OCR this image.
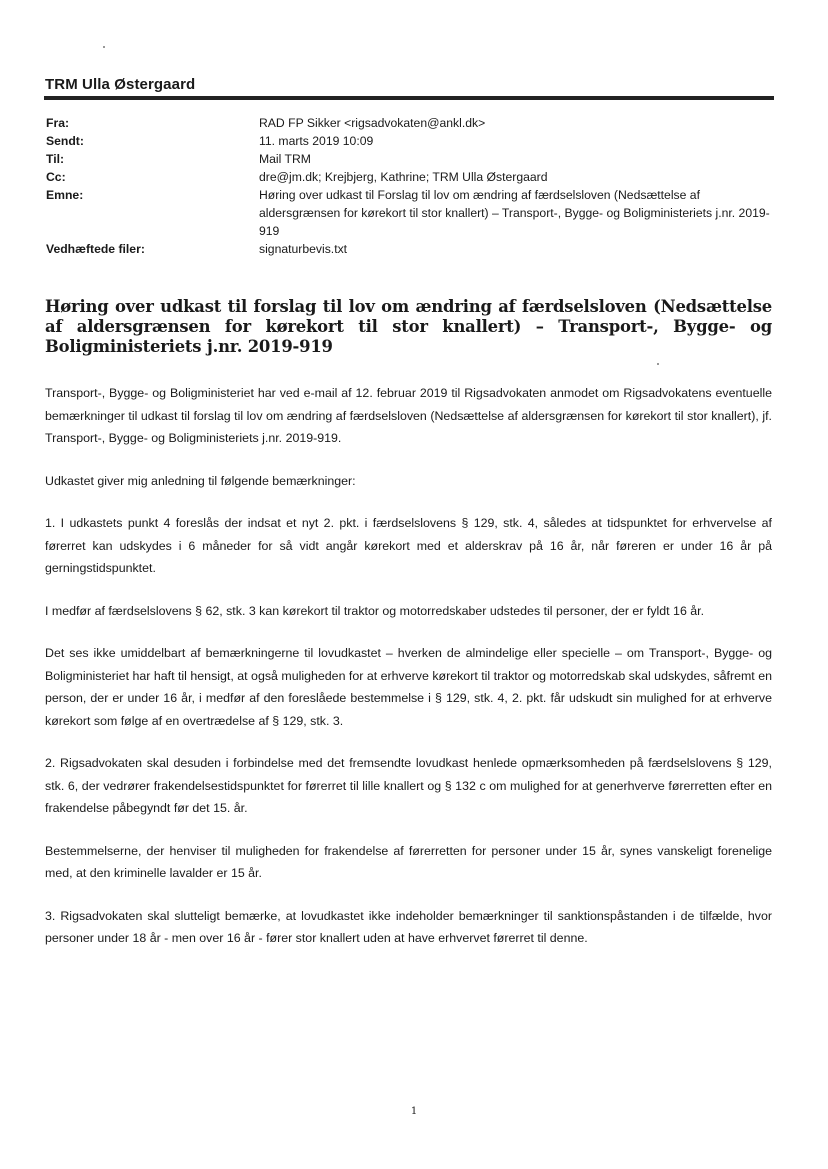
TRM Ulla Østergaard
Fra:	RAD FP Sikker <rigsadvokaten@ankl.dk>
Sendt:	11. marts 2019 10:09
Til:	Mail TRM
Cc:	dre@jm.dk; Krejbjerg, Kathrine; TRM Ulla Østergaard
Emne:	Høring over udkast til Forslag til lov om ændring af færdselsloven (Nedsættelse af aldersgrænsen for kørekort til stor knallert) – Transport-, Bygge- og Boligministeriets j.nr. 2019-919
Vedhæftede filer:	signaturbevis.txt
Høring over udkast til forslag til lov om ændring af færdselsloven (Nedsættelse af aldersgrænsen for kørekort til stor knallert) – Transport-, Bygge- og Boligministeriets j.nr. 2019-919

Transport-, Bygge- og Boligministeriet har ved e-mail af 12. februar 2019 til Rigsadvokaten anmodet om Rigsadvokatens eventuelle bemærkninger til udkast til forslag til lov om ændring af færdselsloven (Nedsættelse af aldersgrænsen for kørekort til stor knallert), jf. Transport-, Bygge- og Boligministeriets j.nr. 2019-919.

Udkastet giver mig anledning til følgende bemærkninger:

1. I udkastets punkt 4 foreslås der indsat et nyt 2. pkt. i færdselslovens § 129, stk. 4, således at tidspunktet for erhvervelse af førerret kan udskydes i 6 måneder for så vidt angår kørekort med et alderskrav på 16 år, når føreren er under 16 år på gerningstidspunktet.

I medfør af færdselslovens § 62, stk. 3 kan kørekort til traktor og motorredskaber udstedes til personer, der er fyldt 16 år.

Det ses ikke umiddelbart af bemærkningerne til lovudkastet – hverken de almindelige eller specielle – om Transport-, Bygge- og Boligministeriet har haft til hensigt, at også muligheden for at erhverve kørekort til traktor og motorredskab skal udskydes, såfremt en person, der er under 16 år, i medfør af den foreslåede bestemmelse i § 129, stk. 4, 2. pkt. får udskudt sin mulighed for at erhverve kørekort som følge af en overtrædelse af § 129, stk. 3.

2. Rigsadvokaten skal desuden i forbindelse med det fremsendte lovudkast henlede opmærksomheden på færdselslovens § 129, stk. 6, der vedrører frakendelsestidspunktet for førerret til lille knallert og § 132 c om mulighed for at generhverve førerretten efter en frakendelse påbegyndt før det 15. år.

Bestemmelserne, der henviser til muligheden for frakendelse af førerretten for personer under 15 år, synes vanskeligt forenelige med, at den kriminelle lavalder er 15 år.

3. Rigsadvokaten skal slutteligt bemærke, at lovudkastet ikke indeholder bemærkninger til sanktionspåstanden i de tilfælde, hvor personer under 18 år - men over 16 år - fører stor knallert uden at have erhvervet førerret til denne.

1
